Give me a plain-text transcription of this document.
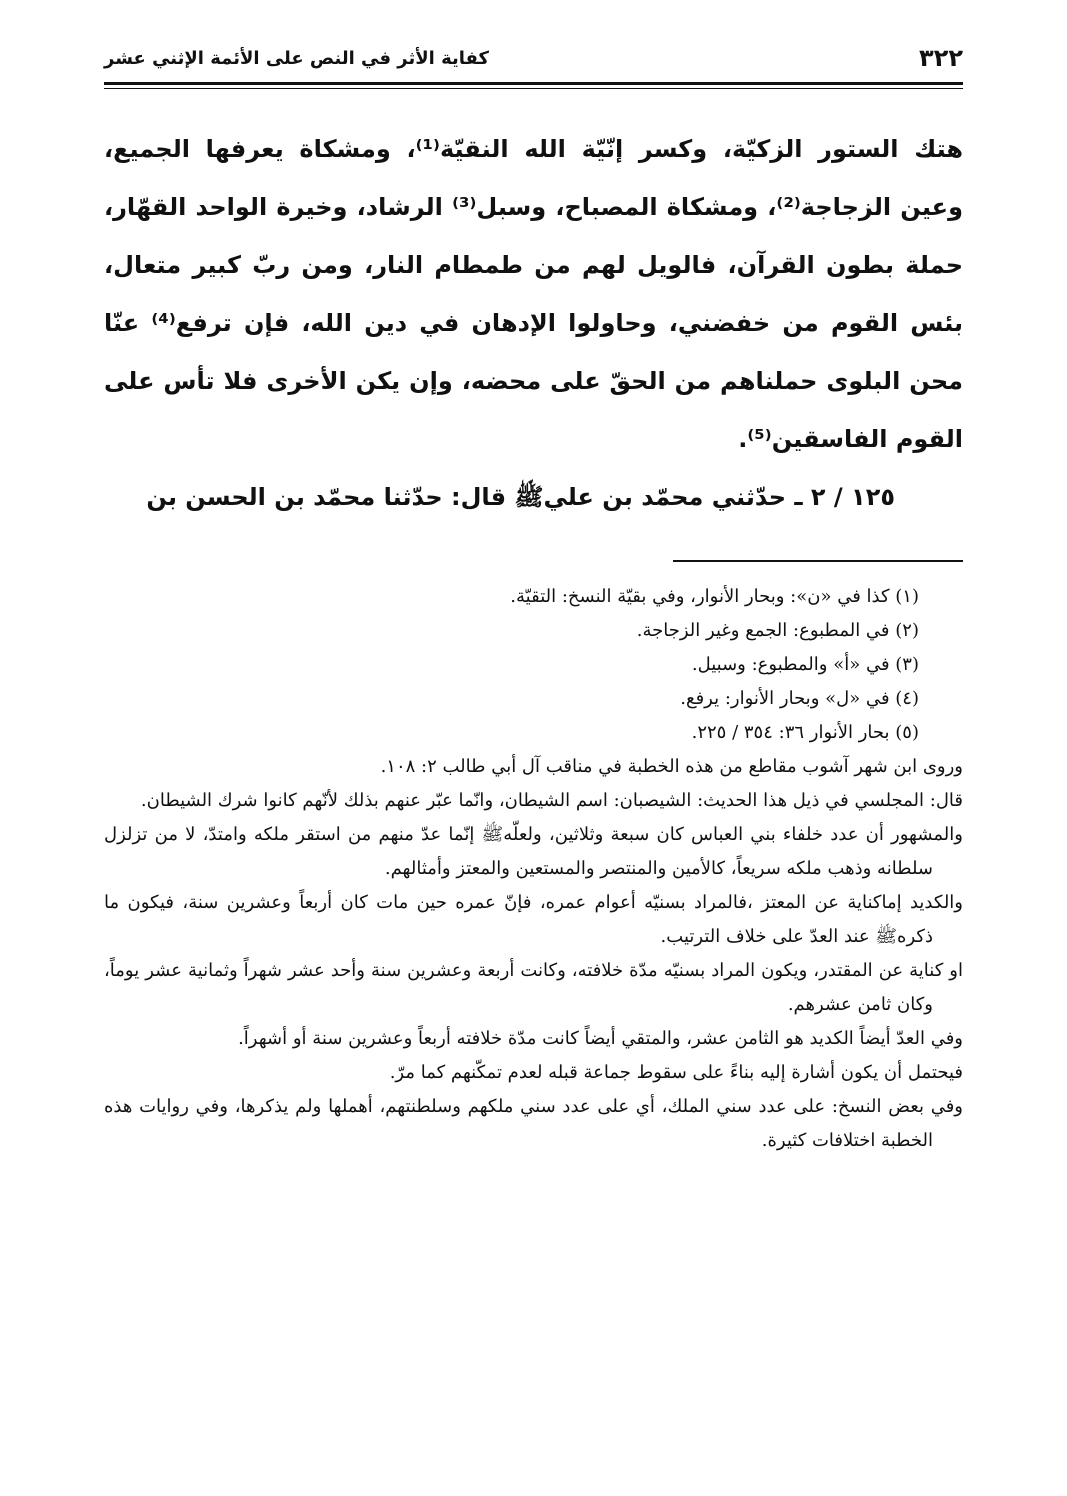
٣٢٢
كفاية الأثر في النص على الأئمة الإثني عشر

هتك الستور الزكيّة، وكسر إنّيّة الله النقيّة⁽¹⁾، ومشكاة يعرفها الجميع، وعين الزجاجة⁽²⁾، ومشكاة المصباح، وسبل⁽³⁾ الرشاد، وخيرة الواحد القهّار، حملة بطون القرآن، فالويل لهم من طمطام النار، ومن ربّ كبير متعال، بئس القوم من خفضني، وحاولوا الإدهان في دين الله، فإن ترفع⁽⁴⁾ عنّا محن البلوى حملناهم من الحقّ على محضه، وإن يكن الأخرى فلا تأس على القوم الفاسقين⁽⁵⁾.

١٢٥ / ٢ ـ حدّثني محمّد بن عليﷺ قال: حدّثنا محمّد بن الحسن بن

(١) كذا في «ن»: وبحار الأنوار، وفي بقيّة النسخ: التقيّة.

(٢) في المطبوع: الجمع وغير الزجاجة.

(٣) في «أ» والمطبوع: وسبيل.

(٤) في «ل» وبحار الأنوار: يرفع.

(٥) بحار الأنوار ٣٦: ٣٥٤ / ٢٢٥.

وروى ابن شهر آشوب مقاطع من هذه الخطبة في مناقب آل أبي طالب ٢: ١٠٨.

قال: المجلسي في ذيل هذا الحديث: الشيصبان: اسم الشيطان، وانّما عبّر عنهم بذلك لأنّهم كانوا شرك الشيطان.

والمشهور أن عدد خلفاء بني العباس كان سبعة وثلاثين، ولعلّهﷺ إنّما عدّ منهم من استقر ملكه وامتدّ، لا من تزلزل سلطانه وذهب ملكه سريعاً، كالأمين والمنتصر والمستعين والمعتز وأمثالهم.

والكديد إماكناية عن المعتز ،فالمراد بسنيّه أعوام عمره، فإنّ عمره حين مات كان أربعاً وعشرين سنة، فيكون ما ذكرهﷺ عند العدّ على خلاف الترتيب.

او كناية عن المقتدر، ويكون المراد بسنيّه مدّة خلافته، وكانت أربعة وعشرين سنة وأحد عشر شهراً وثمانية عشر يوماً، وكان ثامن عشرهم.

وفي العدّ أيضاً الكديد هو الثامن عشر، والمتقي أيضاً كانت مدّة خلافته أربعاً وعشرين سنة أو أشهراً.

فيحتمل أن يكون أشارة إليه بناءً على سقوط جماعة قبله لعدم تمكّنهم كما مرّ.

وفي بعض النسخ: على عدد سني الملك، أي على عدد سني ملكهم وسلطنتهم، أهملها ولم يذكرها، وفي روايات هذه الخطبة اختلافات كثيرة.
